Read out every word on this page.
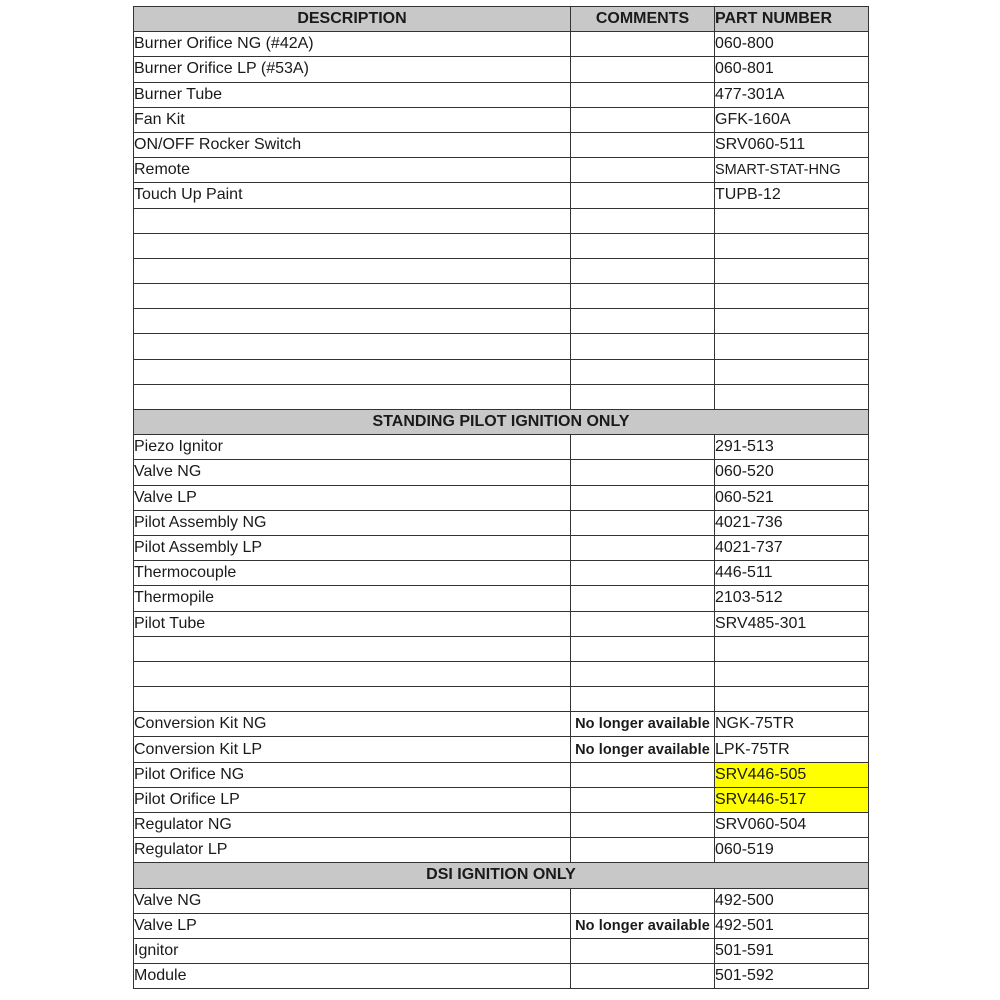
DESCRIPTION	COMMENTS	PART NUMBER
Burner Orifice NG (#42A)		060-800
Burner Orifice LP (#53A)		060-801
Burner Tube		477-301A
Fan Kit		GFK-160A
ON/OFF Rocker Switch		SRV060-511
Remote		SMART-STAT-HNG
Touch Up Paint		TUPB-12

STANDING PILOT IGNITION ONLY		
Piezo Ignitor		291-513
Valve NG		060-520
Valve LP		060-521
Pilot Assembly NG		4021-736
Pilot Assembly LP		4021-737
Thermocouple		446-511
Thermopile		2103-512
Pilot Tube		SRV485-301

Conversion Kit NG	No longer available	NGK-75TR
Conversion Kit LP	No longer available	LPK-75TR
Pilot Orifice NG		SRV446-505
Pilot Orifice LP		SRV446-517
Regulator NG		SRV060-504
Regulator LP		060-519
DSI IGNITION ONLY		
Valve NG		492-500
Valve LP	No longer available	492-501
Ignitor		501-591
Module		501-592
